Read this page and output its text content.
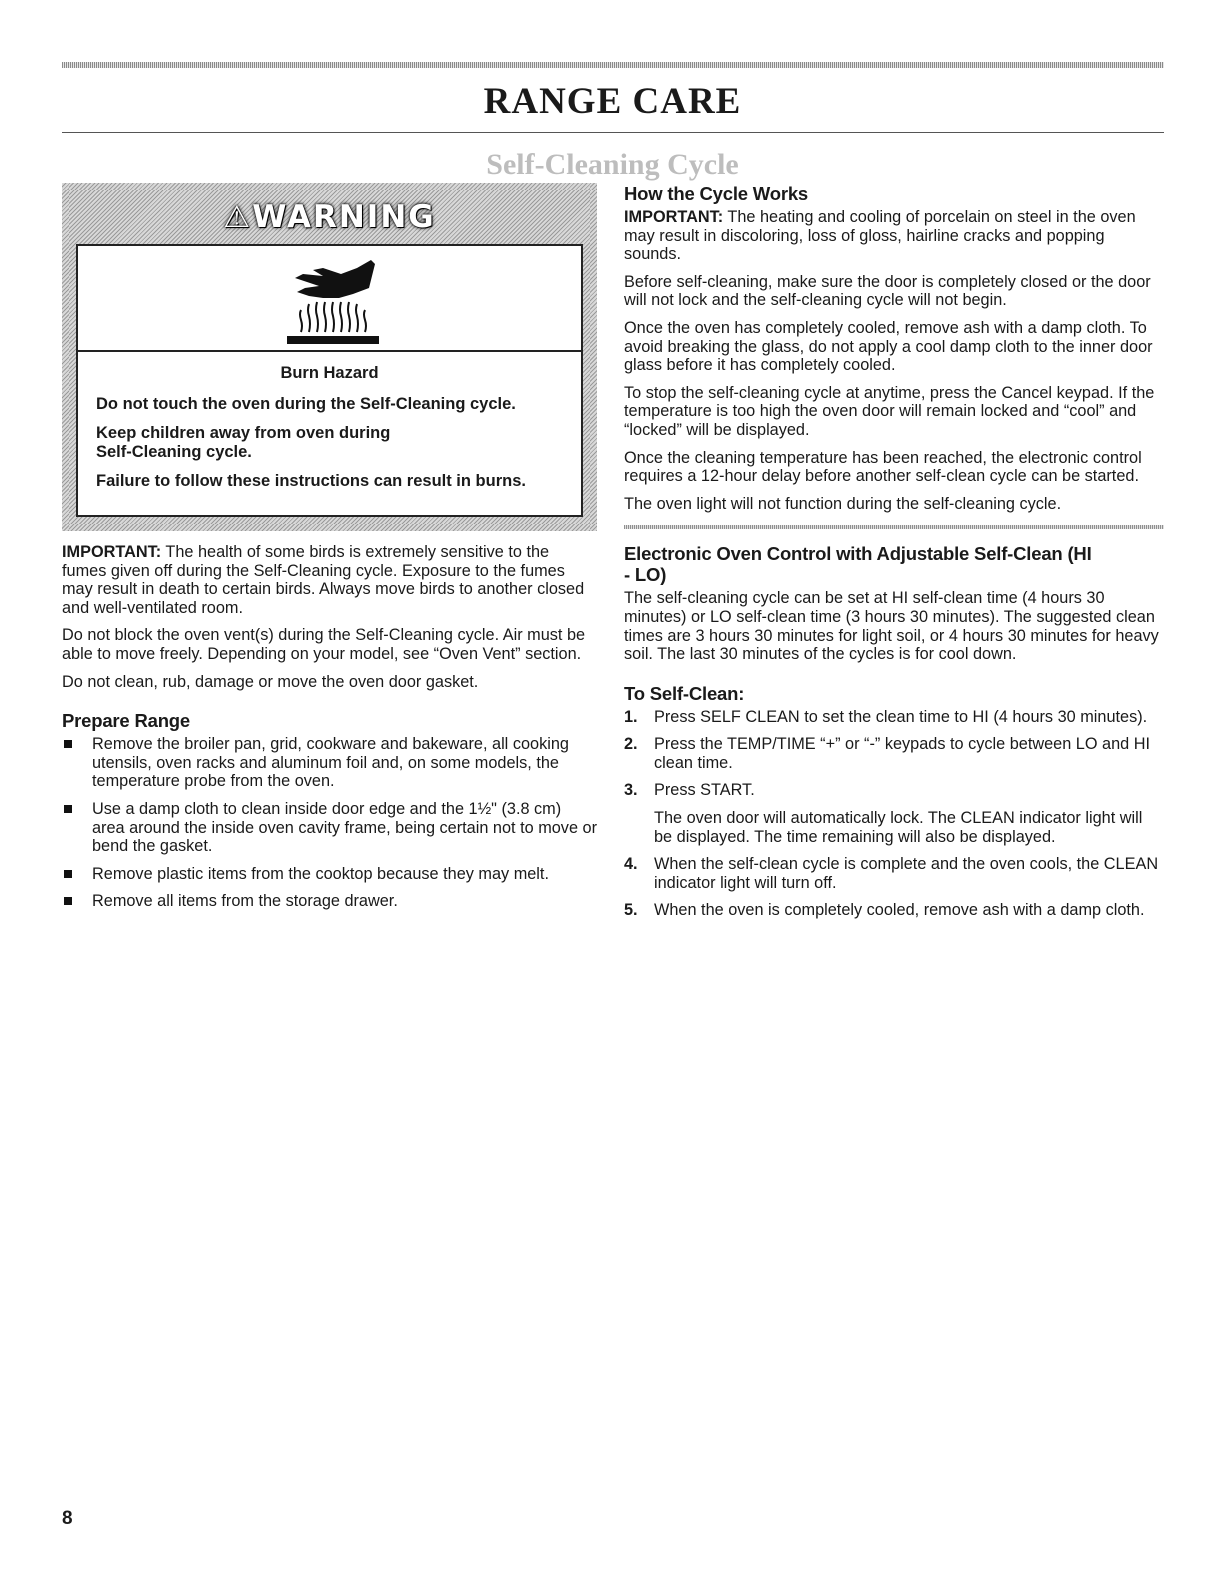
RANGE CARE
Self-Cleaning Cycle
⚠WARNING

Burn Hazard

Do not touch the oven during the Self-Cleaning cycle.

Keep children away from oven during Self-Cleaning cycle.

Failure to follow these instructions can result in burns.

IMPORTANT: The health of some birds is extremely sensitive to the fumes given off during the Self-Cleaning cycle. Exposure to the fumes may result in death to certain birds. Always move birds to another closed and well-ventilated room.

Do not block the oven vent(s) during the Self-Cleaning cycle. Air must be able to move freely. Depending on your model, see “Oven Vent” section.

Do not clean, rub, damage or move the oven door gasket.

Prepare Range
Remove the broiler pan, grid, cookware and bakeware, all cooking utensils, oven racks and aluminum foil and, on some models, the temperature probe from the oven.
Use a damp cloth to clean inside door edge and the 1½" (3.8 cm) area around the inside oven cavity frame, being certain not to move or bend the gasket.
Remove plastic items from the cooktop because they may melt.
Remove all items from the storage drawer.
How the Cycle Works

IMPORTANT: The heating and cooling of porcelain on steel in the oven may result in discoloring, loss of gloss, hairline cracks and popping sounds.

Before self-cleaning, make sure the door is completely closed or the door will not lock and the self-cleaning cycle will not begin.

Once the oven has completely cooled, remove ash with a damp cloth. To avoid breaking the glass, do not apply a cool damp cloth to the inner door glass before it has completely cooled.

To stop the self-cleaning cycle at anytime, press the Cancel keypad. If the temperature is too high the oven door will remain locked and “cool” and “locked” will be displayed.

Once the cleaning temperature has been reached, the electronic control requires a 12-hour delay before another self-clean cycle can be started.

The oven light will not function during the self-cleaning cycle.

Electronic Oven Control with Adjustable Self-Clean (HI - LO)

The self-cleaning cycle can be set at HI self-clean time (4 hours 30 minutes) or LO self-clean time (3 hours 30 minutes). The suggested clean times are 3 hours 30 minutes for light soil, or 4 hours 30 minutes for heavy soil. The last 30 minutes of the cycles is for cool down.

To Self-Clean:
1. Press SELF CLEAN to set the clean time to HI (4 hours 30 minutes).
2. Press the TEMP/TIME “+” or “-” keypads to cycle between LO and HI clean time.
3. Press START.
The oven door will automatically lock. The CLEAN indicator light will be displayed. The time remaining will also be displayed.
4. When the self-clean cycle is complete and the oven cools, the CLEAN indicator light will turn off.
5. When the oven is completely cooled, remove ash with a damp cloth.

8
